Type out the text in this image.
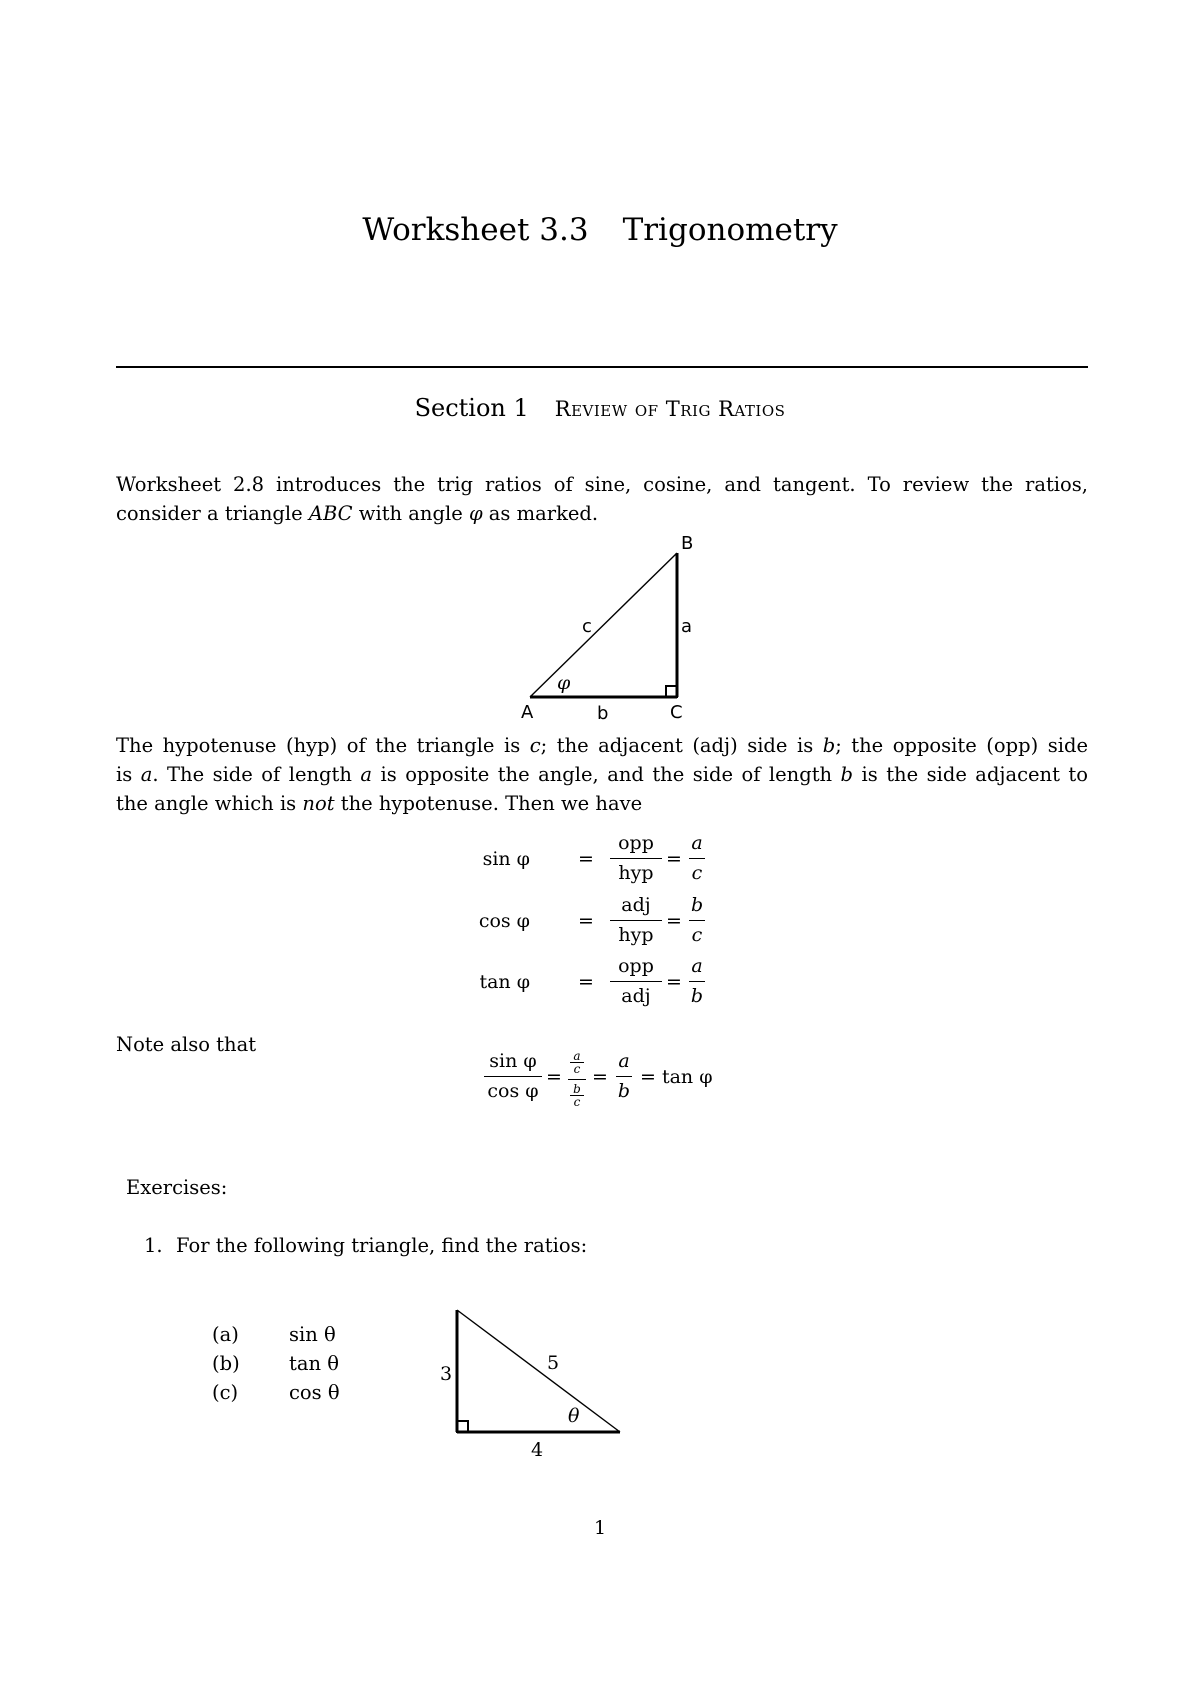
Worksheet 3.3 Trigonometry
Section 1 Review of Trig Ratios
Worksheet 2.8 introduces the trig ratios of sine, cosine, and tangent. To review the ratios,
consider a triangle ABC with angle φ as marked.
B
A	C
c	a
b
φ
The hypotenuse (hyp) of the triangle is c; the adjacent (adj) side is b; the opposite (opp) side
is a. The side of length a is opposite the angle, and the side of length b is the side adjacent to
the angle which is not the hypotenuse. Then we have
sin φ	=
opp
hyp
= $\frac{a}{c}$
cos φ	=
adj
hyp
= $\frac{b}{c}$
tan φ	=
opp
adj
= $\frac{a}{b}$
Note also that
$\frac{\text{sin φ}}{\text{cos φ}}$ =
$\frac{a}{c}$
$\frac{b}{c}$
= $\frac{a}{b} = \tan \varphi$
Exercises:
1. For the following triangle, find the ratios:
(a)	sin θ
(b)	tan θ
(c)	cos θ
3	5
4
θ
1
